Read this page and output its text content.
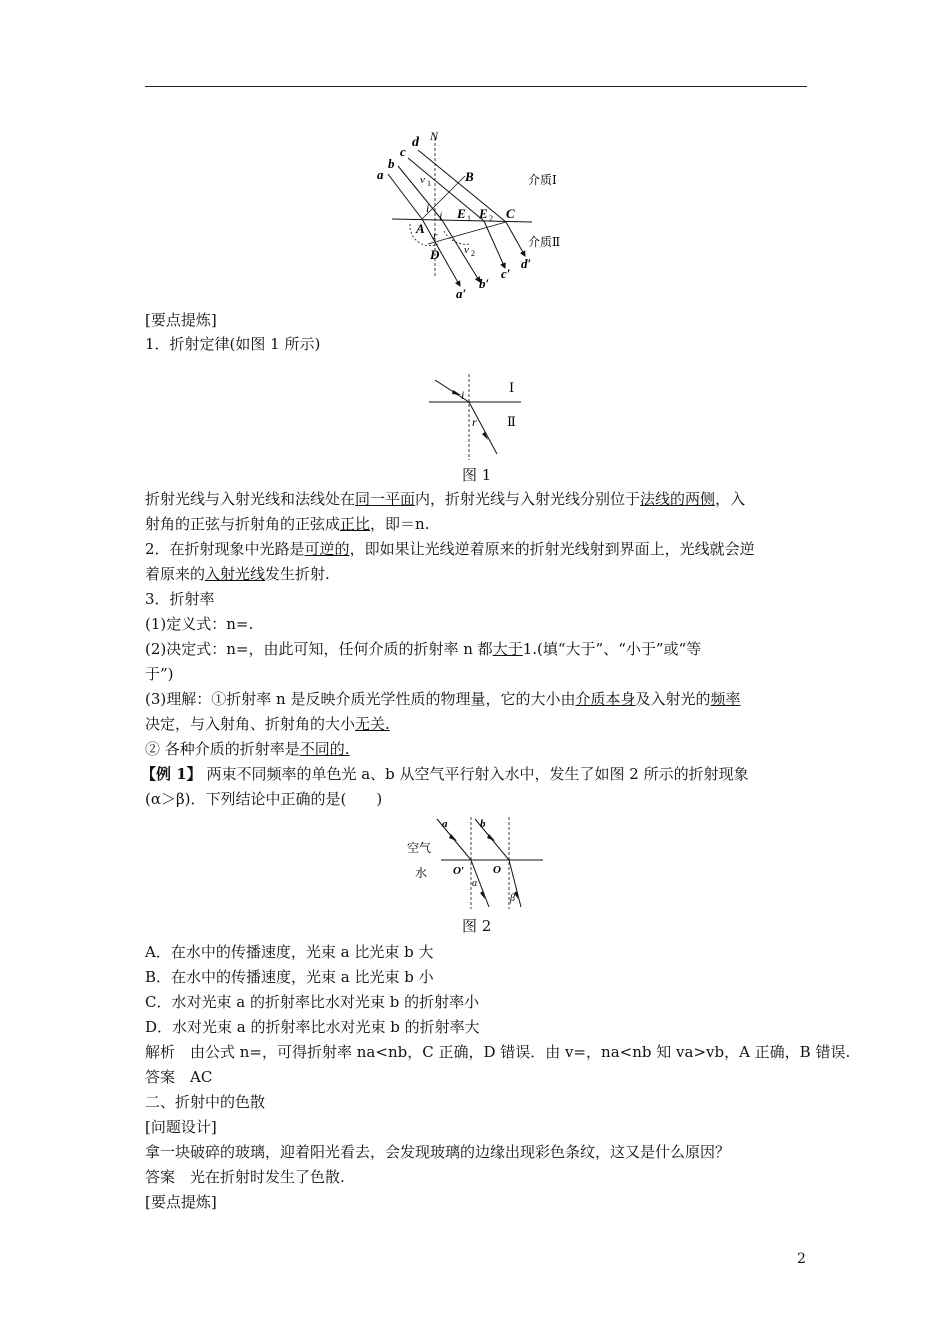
N
d
c
b
a	B
v 1
i
i E 1 E 2 C
A r
D v 2
a′
b′
c′
d′
介质Ⅰ
介质Ⅱ
[要点提炼]
1．折射定律(如图 1 所示)
i
r
Ⅰ
Ⅱ
图 1
折射光线与入射光线和法线处在同一平面内，折射光线与入射光线分别位于法线的两侧，入
射角的正弦与折射角的正弦成正比，即＝n.
2．在折射现象中光路是可逆的，即如果让光线逆着原来的折射光线射到界面上，光线就会逆
着原来的入射光线发生折射.
3．折射率
(1)定义式：n=.
(2)决定式：n=，由此可知，任何介质的折射率 n 都大于1.(填“大于”、“小于”或“等
于”)
(3)理解：①折射率 n 是反映介质光学性质的物理量，它的大小由介质本身及入射光的频率
决定，与入射角、折射角的大小无关.
② 各种介质的折射率是不同的.
【例 1】 两束不同频率的单色光 a、b 从空气平行射入水中，发生了如图 2 所示的折射现象
(α＞β)．下列结论中正确的是(　　)
空气
水
a	b
O′	O
α
β
图 2
A．在水中的传播速度，光束 a 比光束 b 大
B．在水中的传播速度，光束 a 比光束 b 小
C．水对光束 a 的折射率比水对光束 b 的折射率小
D．水对光束 a 的折射率比水对光束 b 的折射率大
解析　由公式 n=，可得折射率 na<nb，C 正确，D 错误．由 v=，na<nb 知 va>vb，A 正确，B 错误.
答案　AC
二、折射中的色散
[问题设计]
拿一块破碎的玻璃，迎着阳光看去，会发现玻璃的边缘出现彩色条纹，这又是什么原因？
答案　光在折射时发生了色散.
[要点提炼]
2
